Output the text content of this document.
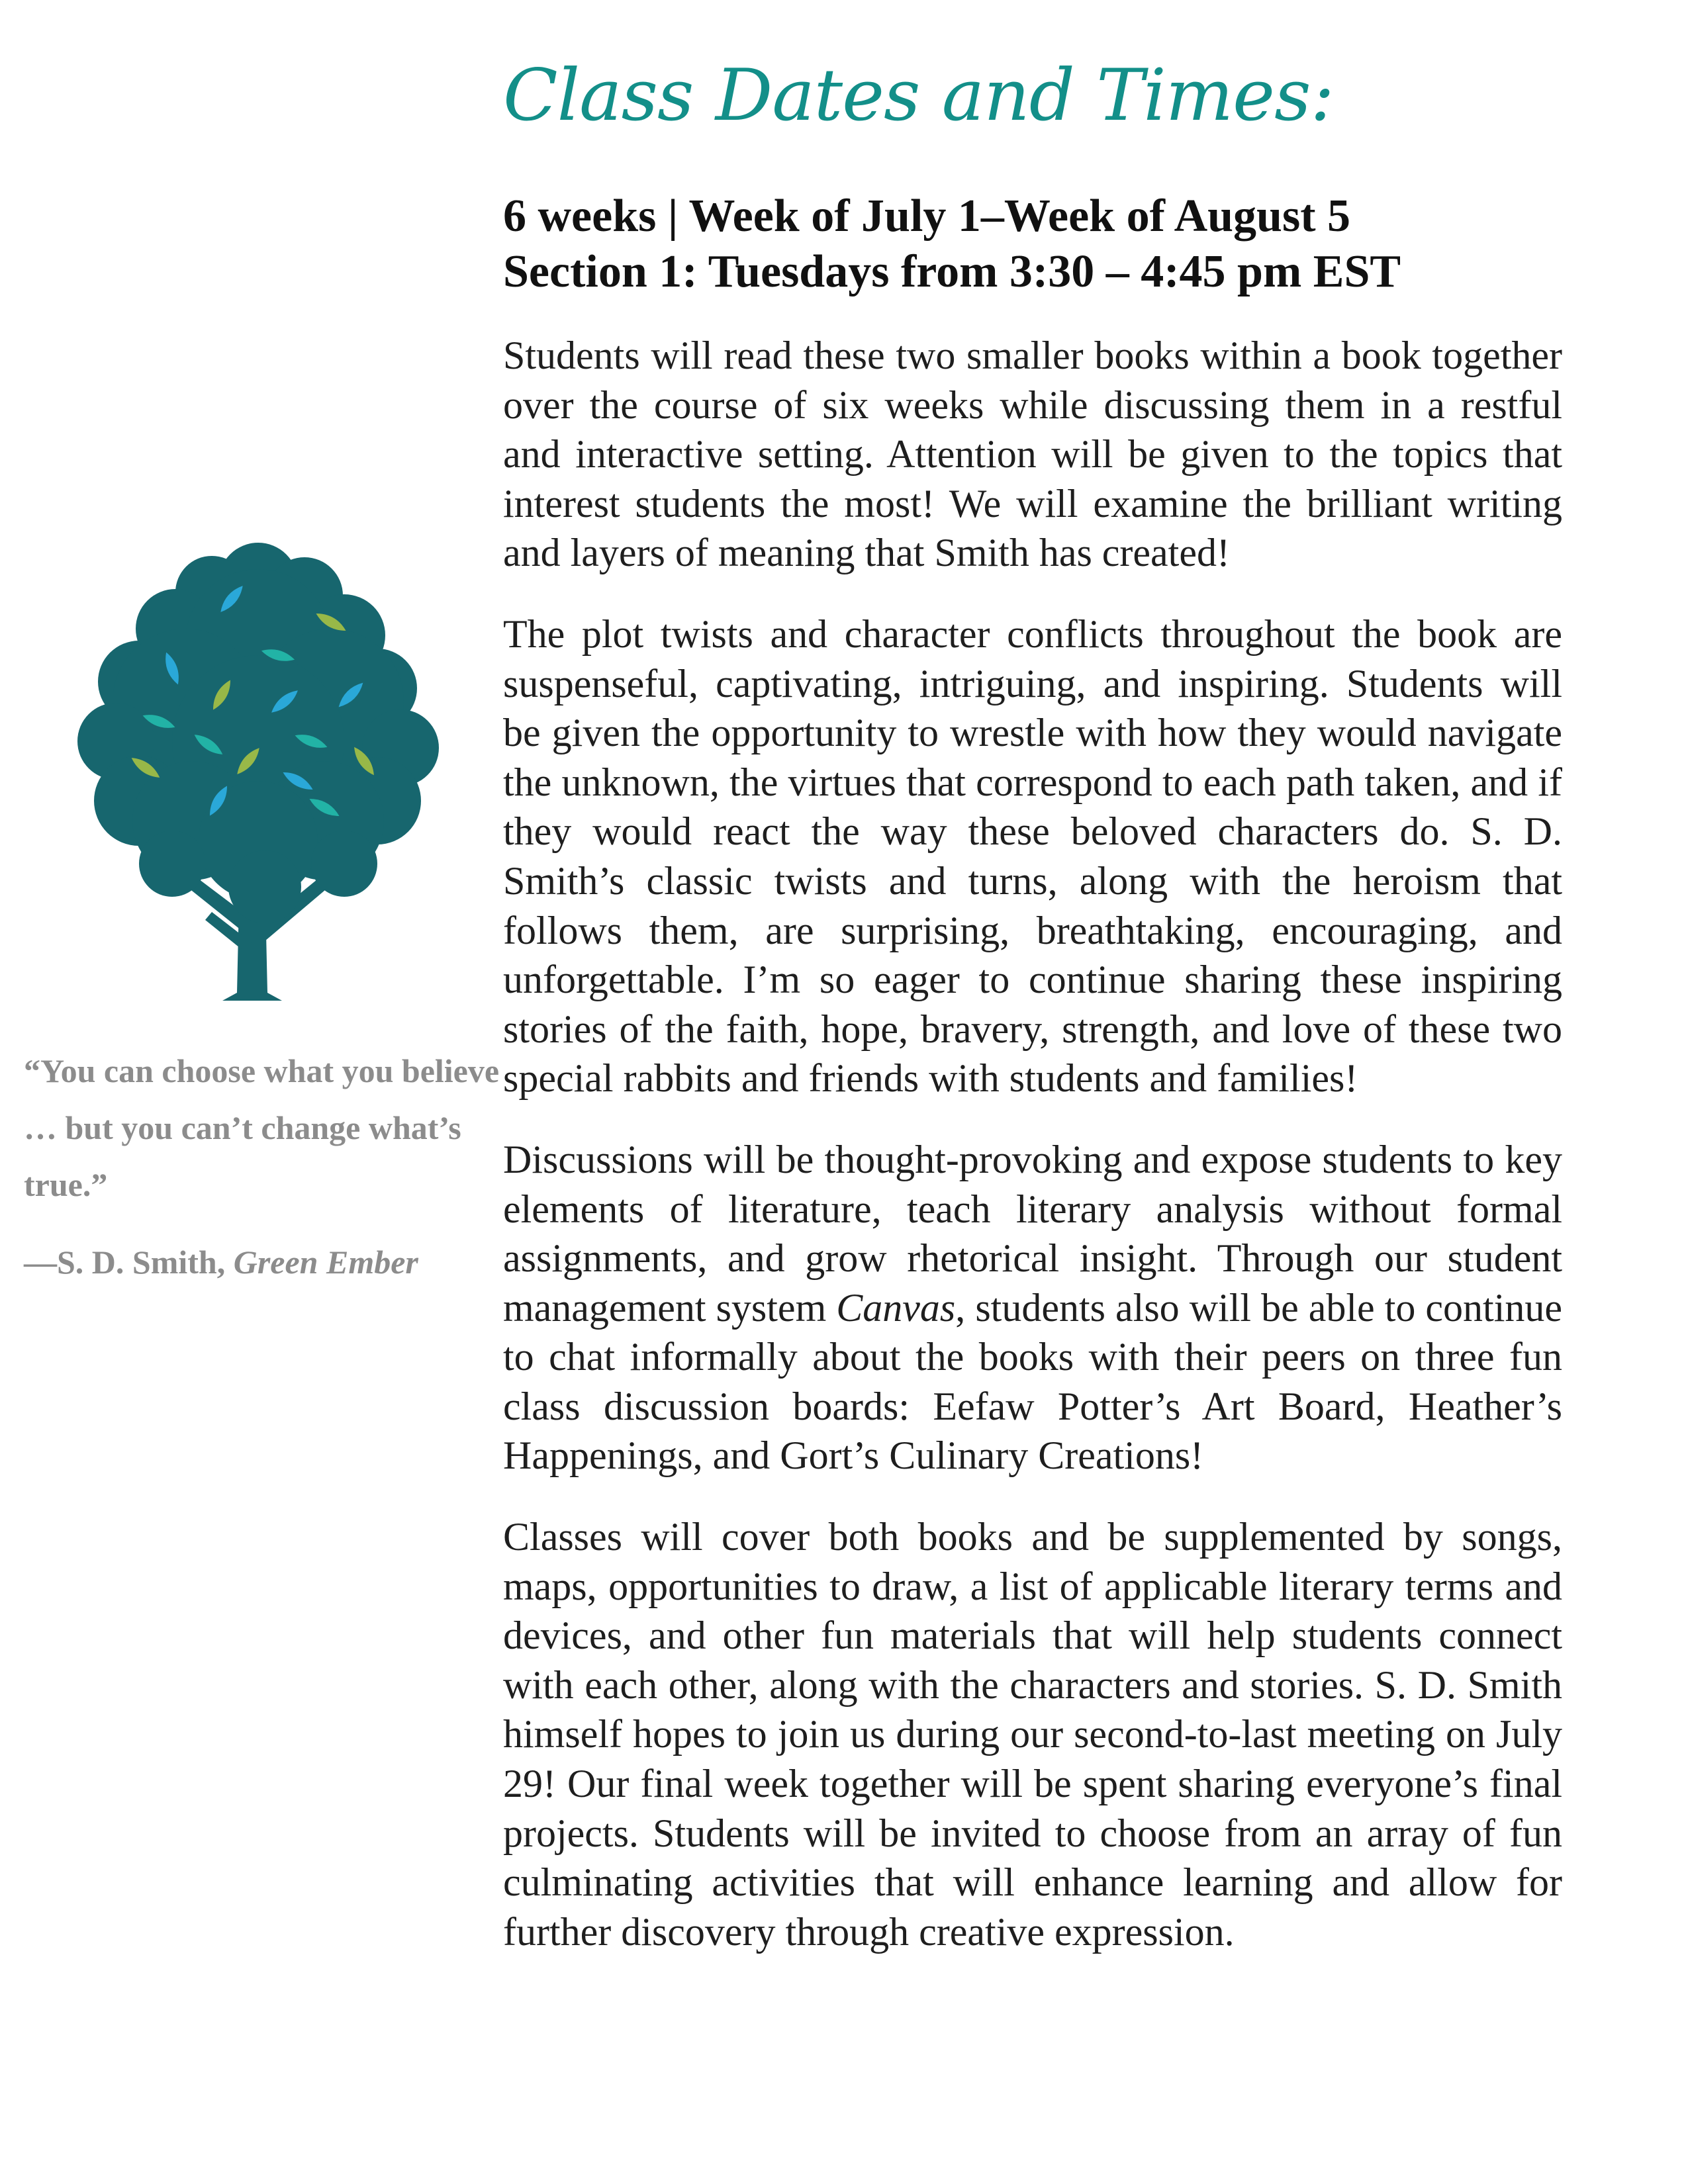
Class Dates and Times:
6 weeks | Week of July 1–Week of August 5
Section 1: Tuesdays from 3:30 – 4:45 pm EST

Students will read these two smaller books within a book together over the course of six weeks while discussing them in a restful and interactive setting. Attention will be given to the topics that interest students the most! We will examine the brilliant writing and layers of meaning that Smith has created!

The plot twists and character conflicts throughout the book are suspenseful, captivating, intriguing, and inspiring. Students will be given the opportunity to wrestle with how they would navigate the unknown, the virtues that correspond to each path taken, and if they would react the way these beloved characters do. S. D. Smith’s classic twists and turns, along with the heroism that follows them, are surprising, breathtaking, encouraging, and unforgettable. I’m so eager to continue sharing these inspiring stories of the faith, hope, bravery, strength, and love of these two special rabbits and friends with students and families!

Discussions will be thought-provoking and expose students to key elements of literature, teach literary analysis without formal assignments, and grow rhetorical insight. Through our student management system Canvas, students also will be able to continue to chat informally about the books with their peers on three fun class discussion boards: Eefaw Potter’s Art Board, Heather’s Happenings, and Gort’s Culinary Creations!

Classes will cover both books and be supplemented by songs, maps, opportunities to draw, a list of applicable literary terms and devices, and other fun materials that will help students connect with each other, along with the characters and stories. S. D. Smith himself hopes to join us during our second-to-last meeting on July 29! Our final week together will be spent sharing everyone’s final projects. Students will be invited to choose from an array of fun culminating activities that will enhance learning and allow for further discovery through creative expression.

“You can choose what you believe … but you can’t change what’s true.”
—S. D. Smith, Green Ember
